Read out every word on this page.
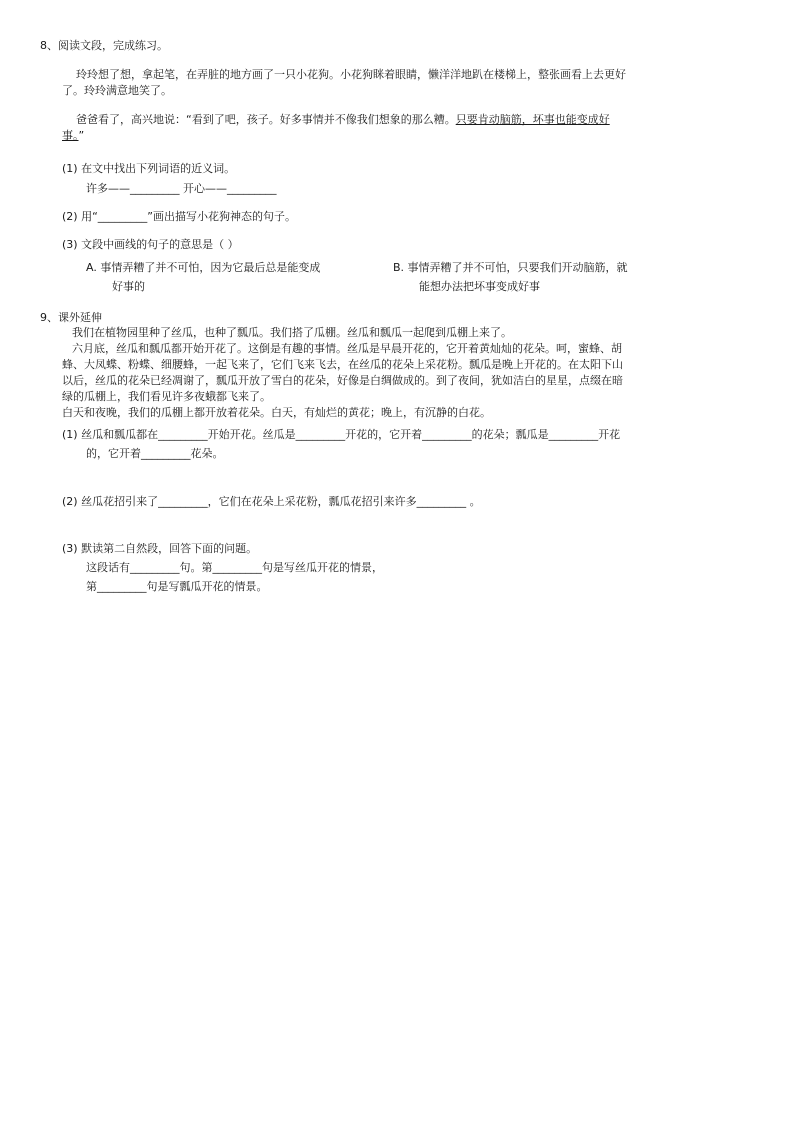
8、阅读文段，完成练习。
玲玲想了想，拿起笔，在弄脏的地方画了一只小花狗。小花狗眯着眼睛，懒洋洋地趴在楼梯上，整张画看上去更好
了。玲玲满意地笑了。
爸爸看了，高兴地说：“看到了吧，孩子。好多事情并不像我们想象的那么糟。只要肯动脑筋，坏事也能变成好
事。”
(1) 在文中找出下列词语的近义词。
许多——_________ 开心——_________
(2) 用“_________”画出描写小花狗神态的句子。
(3) 文段中画线的句子的意思是（ ）
A. 事情弄糟了并不可怕，因为它最后总是能变成
好事的
B. 事情弄糟了并不可怕，只要我们开动脑筋，就
能想办法把坏事变成好事
9、课外延伸
我们在植物园里种了丝瓜，也种了瓢瓜。我们搭了瓜棚。丝瓜和瓢瓜一起爬到瓜棚上来了。
六月底，丝瓜和瓢瓜都开始开花了。这倒是有趣的事情。丝瓜是早晨开花的，它开着黄灿灿的花朵。呵，蜜蜂、胡
蜂、大凤蝶、粉蝶、细腰蜂，一起飞来了，它们飞来飞去，在丝瓜的花朵上采花粉。瓢瓜是晚上开花的。在太阳下山
以后，丝瓜的花朵已经凋谢了，瓢瓜开放了雪白的花朵，好像是白绸做成的。到了夜间，犹如洁白的星星，点缀在暗
绿的瓜棚上，我们看见许多夜蛾都飞来了。
白天和夜晚，我们的瓜棚上都开放着花朵。白天，有灿烂的黄花；晚上，有沉静的白花。
(1) 丝瓜和瓢瓜都在_________开始开花。丝瓜是_________开花的，它开着_________的花朵；瓢瓜是_________开花
的，它开着_________花朵。
(2) 丝瓜花招引来了_________，它们在花朵上采花粉，瓢瓜花招引来许多_________ 。
(3) 默读第二自然段，回答下面的问题。
这段话有_________句。第_________句是写丝瓜开花的情景，
第_________句是写瓢瓜开花的情景。
